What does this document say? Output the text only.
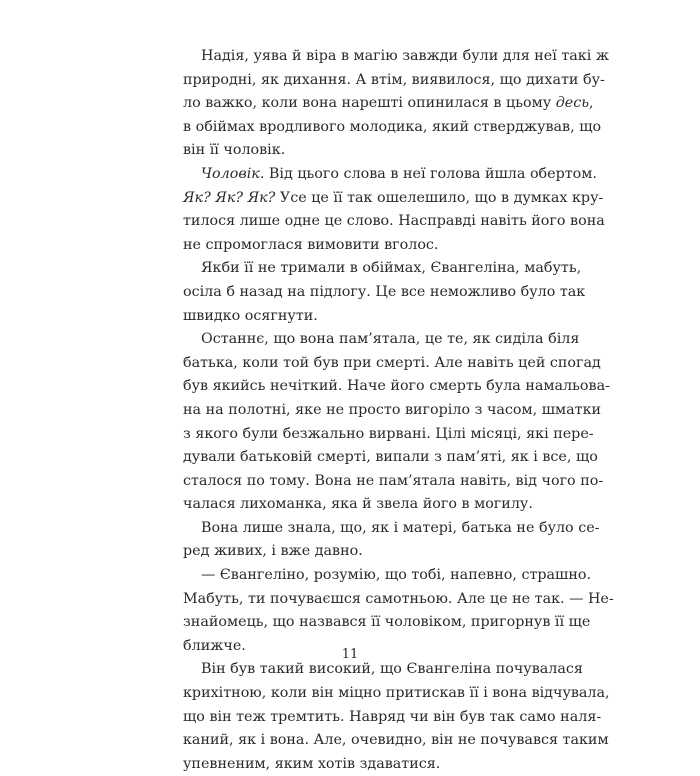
Надія, уява й віра в магію завжди були для неї такі ж
природні, як дихання. А втім, виявилося, що дихати бу-
ло важко, коли вона нарешті опинилася в цьому десь,
в обіймах вродливого молодика, який стверджував, що
він її чоловік.
Чоловік. Від цього слова в неї голова йшла обертом.
Як? Як? Як? Усе це її так ошелешило, що в думках кру-
тилося лише одне це слово. Насправді навіть його вона
не спромоглася вимовити вголос.
Якби її не тримали в обіймах, Євангеліна, мабуть,
осіла б назад на підлогу. Це все неможливо було так
швидко осягнути.
Останнє, що вона пам’ятала, це те, як сиділа біля
батька, коли той був при смерті. Але навіть цей спогад
був якийсь нечіткий. Наче його смерть була намальова-
на на полотні, яке не просто вигоріло з часом, шматки
з якого були безжально вирвані. Цілі місяці, які пере-
дували батьковій смерті, випали з пам’яті, як і все, що
сталося по тому. Вона не пам’ятала навіть, від чого по-
чалася лихоманка, яка й звела його в могилу.
Вона лише знала, що, як і матері, батька не було се-
ред живих, і вже давно.
— Євангеліно, розумію, що тобі, напевно, страшно.
Мабуть, ти почуваєшся самотньою. Але це не так. — Не-
знайомець, що назвався її чоловіком, пригорнув її ще
ближче.
Він був такий високий, що Євангеліна почувалася
крихітною, коли він міцно притискав її і вона відчувала,
що він теж тремтить. Навряд чи він був так само наля-
каний, як і вона. Але, очевидно, він не почувався таким
упевненим, яким хотів здаватися.
11
